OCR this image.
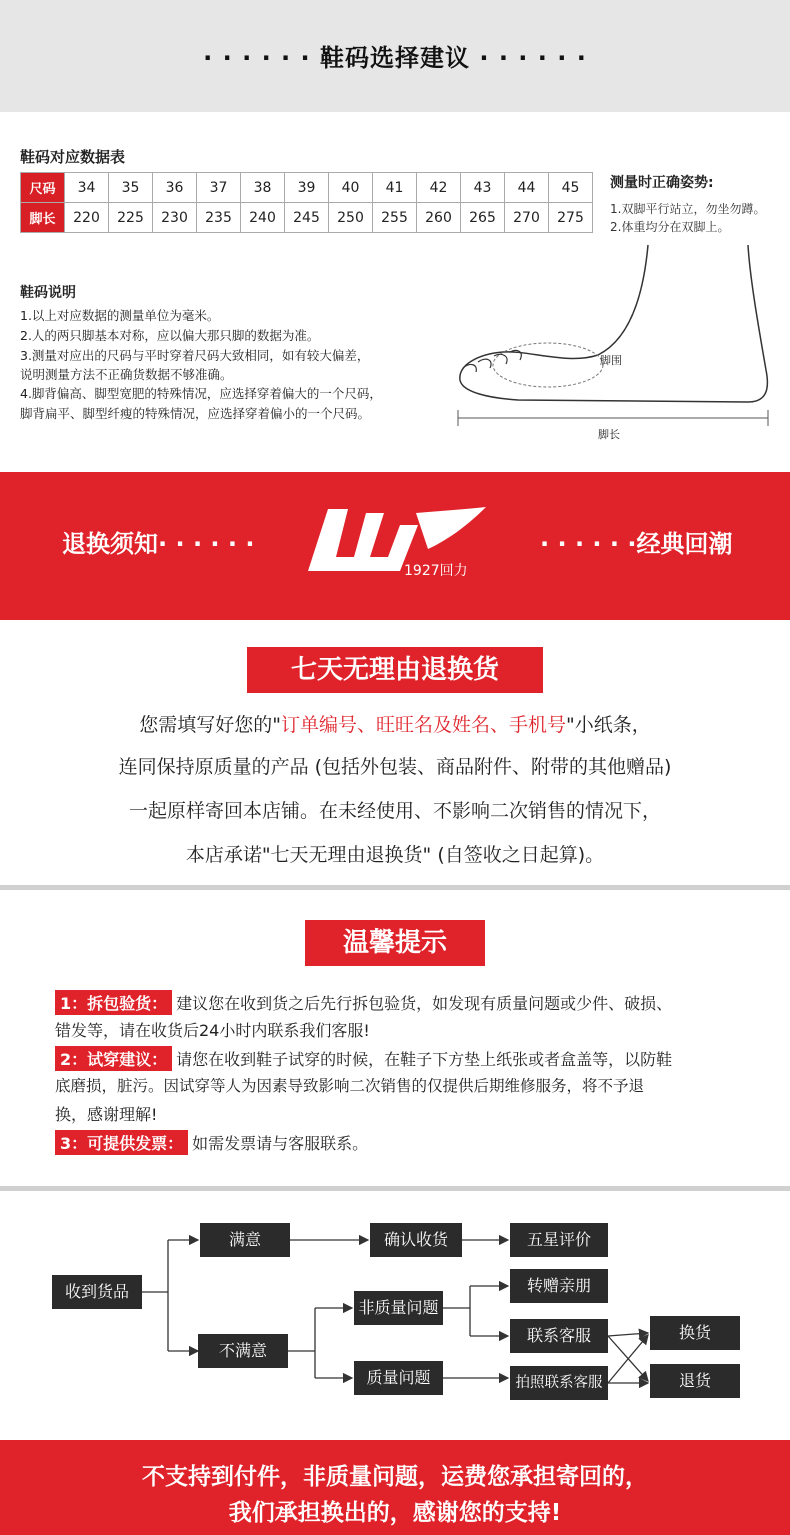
· · · · · · 鞋码选择建议 · · · · · ·
鞋码对应数据表
尺码	34	35	36	37	38	39	40	41	42	43	44	45
脚长	220	225	230	235	240	245	250	255	260	265	270	275
测量时正确姿势:
1.双脚平行站立，勿坐勿蹲。
2.体重均分在双脚上。
鞋码说明
1.以上对应数据的测量单位为毫米。
2.人的两只脚基本对称，应以偏大那只脚的数据为准。
3.测量对应出的尺码与平时穿着尺码大致相同，如有较大偏差，
说明测量方法不正确货数据不够准确。
4.脚背偏高、脚型宽肥的特殊情况，应选择穿着偏大的一个尺码，
脚背扁平、脚型纤瘦的特殊情况，应选择穿着偏小的一个尺码。
脚围
脚长
退换须知· · · · · ·	· · · · · ·经典回潮
1927回力
七天无理由退换货
您需填写好您的"订单编号、旺旺名及姓名、手机号"小纸条，
连同保持原质量的产品 (包括外包装、商品附件、附带的其他赠品)
一起原样寄回本店铺。在未经使用、不影响二次销售的情况下，
本店承诺"七天无理由退换货" (自签收之日起算)。
温馨提示
1：拆包验货： 建议您在收到货之后先行拆包验货，如发现有质量问题或少件、破损、
错发等，请在收货后24小时内联系我们客服!
2：试穿建议： 请您在收到鞋子试穿的时候，在鞋子下方垫上纸张或者盒盖等，以防鞋
底磨损，脏污。因试穿等人为因素导致影响二次销售的仅提供后期维修服务，将不予退
换，感谢理解!
3：可提供发票： 如需发票请与客服联系。
收到货品
满意	确认收货	五星评价
不满意
非质量问题
质量问题
转赠亲朋
联系客服
拍照联系客服
换货
退货
不支持到付件，非质量问题，运费您承担寄回的，
我们承担换出的，感谢您的支持!
